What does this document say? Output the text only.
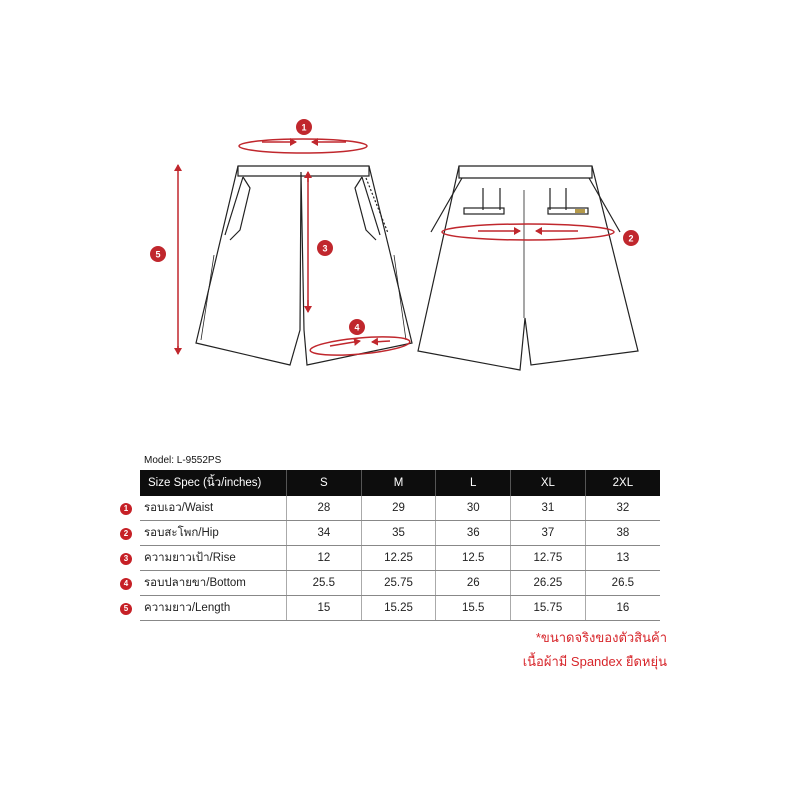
1
2
3
4
5
Model: L-9552PS
Size Spec (นิ้ว/inches)	S	M	L	XL	2XL
รอบเอว/Waist	28	29	30	31	32
รอบสะโพก/Hip	34	35	36	37	38
ความยาวเป้า/Rise	12	12.25	12.5	12.75	13
รอบปลายขา/Bottom	25.5	25.75	26	26.25	26.5
ความยาว/Length	15	15.25	15.5	15.75	16
1
2
3
4
5
*ขนาดจริงของตัวสินค้า
เนื้อผ้ามี Spandex ยืดหยุ่น
